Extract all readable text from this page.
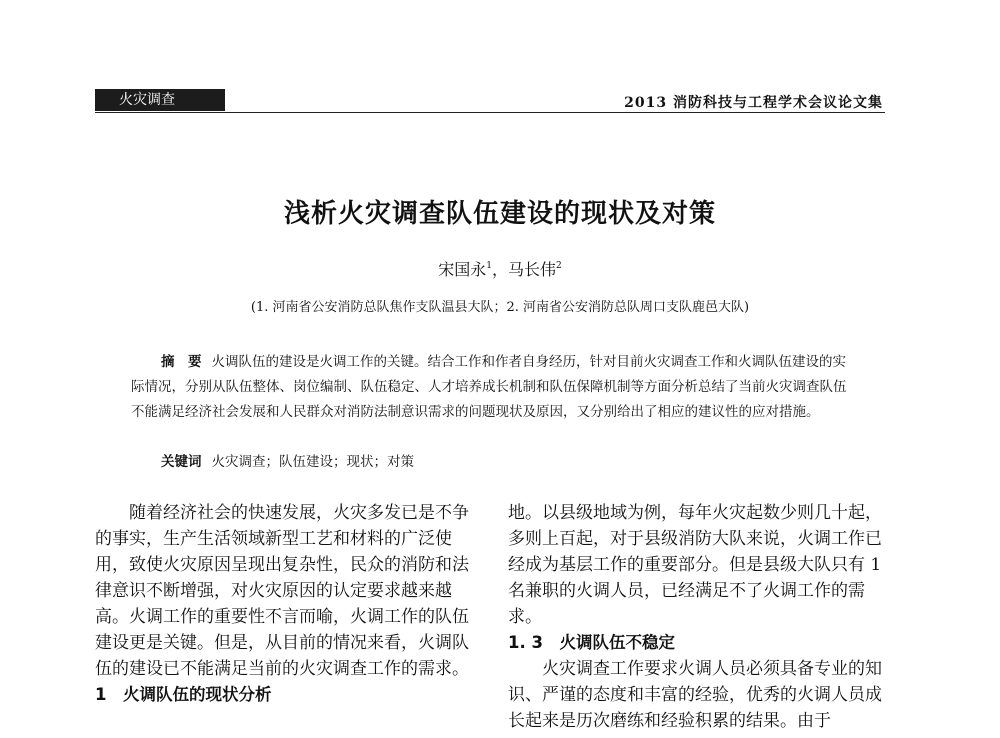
火灾调查	2013 消防科技与工程学术会议论文集
浅析火灾调查队伍建设的现状及对策
宋国永$^1$，马长伟$^2$
(1. 河南省公安消防总队焦作支队温县大队；2. 河南省公安消防总队周口支队鹿邑大队)
摘　要 火调队伍的建设是火调工作的关键。结合工作和作者自身经历，针对目前火灾调查工作和火调队伍建设的实际情况，分别从队伍整体、岗位编制、队伍稳定、人才培养成长机制和队伍保障机制等方面分析总结了当前火灾调查队伍不能满足经济社会发展和人民群众对消防法制意识需求的问题现状及原因，又分别给出了相应的建议性的应对措施。
关键词 火灾调查；队伍建设；现状；对策

随着经济社会的快速发展，火灾多发已是不争的事实，生产生活领域新型工艺和材料的广泛使用，致使火灾原因呈现出复杂性，民众的消防和法律意识不断增强，对火灾原因的认定要求越来越高。火调工作的重要性不言而喻，火调工作的队伍建设更是关键。但是，从目前的情况来看，火调队伍的建设已不能满足当前的火灾调查工作的需求。

1　火调队伍的现状分析

地。以县级地域为例，每年火灾起数少则几十起，多则上百起，对于县级消防大队来说，火调工作已经成为基层工作的重要部分。但是县级大队只有 1 名兼职的火调人员，已经满足不了火调工作的需求。

1. 3　火调队伍不稳定

火灾调查工作要求火调人员必须具备专业的知识、严谨的态度和丰富的经验，优秀的火调人员成长起来是历次磨练和经验积累的结果。由于
